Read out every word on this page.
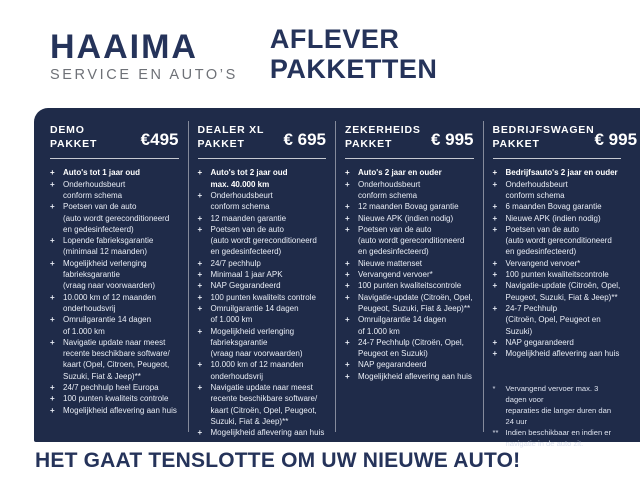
HAAIMA
SERVICE EN AUTO’S
AFLEVER
PAKKETTEN
DEMO
PAKKET	€495
+ Auto's tot 1 jaar oud
+ Onderhoudsbeurt
conform schema
+ Poetsen van de auto
(auto wordt gereconditioneerd
en gedesinfecteerd)
+ Lopende fabrieksgarantie
(minimaal 12 maanden)
+ Mogelijkheid verlenging
fabrieksgarantie
(vraag naar voorwaarden)
+ 10.000 km of 12 maanden
onderhoudsvrij
+ Omruilgarantie 14 dagen
of 1.000 km
+ Navigatie update naar meest
recente beschikbare software/
kaart (Opel, Citroen, Peugeot,
Suzuki, Fiat & Jeep)**
+ 24/7 pechhulp heel Europa
+ 100 punten kwaliteits controle
+ Mogelijkheid aflevering aan huis
DEALER XL
PAKKET	€ 695
+ Auto's tot 2 jaar oud
max. 40.000 km
+ Onderhoudsbeurt
conform schema
+ 12 maanden garantie
+ Poetsen van de auto
(auto wordt gereconditioneerd
en gedesinfecteerd)
+ 24/7 pechhulp
+ Minimaal 1 jaar APK
+ NAP Gegarandeerd
+ 100 punten kwaliteits controle
+ Omruilgarantie 14 dagen
of 1.000 km
+ Mogelijkheid verlenging
fabrieksgarantie
(vraag naar voorwaarden)
+ 10.000 km of 12 maanden
onderhoudsvrij
+ Navigatie update naar meest
recente beschikbare software/
kaart (Citroën, Opel, Peugeot,
Suzuki, Fiat & Jeep)**
+ Mogelijkheid aflevering aan huis
ZEKERHEIDS
PAKKET	€ 995
+ Auto's 2 jaar en ouder
+ Onderhoudsbeurt
conform schema
+ 12 maanden Bovag garantie
+ Nieuwe APK (indien nodig)
+ Poetsen van de auto
(auto wordt gereconditioneerd
en gedesinfecteerd)
+ Nieuwe mattenset
+ Vervangend vervoer*
+ 100 punten kwaliteitscontrole
+ Navigatie-update (Citroën, Opel,
Peugeot, Suzuki, Fiat & Jeep)**
+ Omruilgarantie 14 dagen
of 1.000 km
+ 24-7 Pechhulp (Citroën, Opel,
Peugeot en Suzuki)
+ NAP gegarandeerd
+ Mogelijkheid aflevering aan huis
BEDRIJFSWAGEN
PAKKET	€ 995
+ Bedrijfsauto's 2 jaar en ouder
+ Onderhoudsbeurt
conform schema
+ 6 maanden Bovag garantie
+ Nieuwe APK (indien nodig)
+ Poetsen van de auto
(auto wordt gereconditioneerd
en gedesinfecteerd)
+ Vervangend vervoer*
+ 100 punten kwaliteitscontrole
+ Navigatie-update (Citroën, Opel,
Peugeot, Suzuki, Fiat & Jeep)**
+ 24-7 Pechhulp
(Citroën, Opel, Peugeot en Suzuki)
+ NAP gegarandeerd
+ Mogelijkheid aflevering aan huis
* Vervangend vervoer max. 3 dagen voor
reparaties die langer duren dan 24 uur
** Indien beschikbaar en indien er
navigatie in de auto zit.
HET GAAT TENSLOTTE OM UW NIEUWE AUTO!
